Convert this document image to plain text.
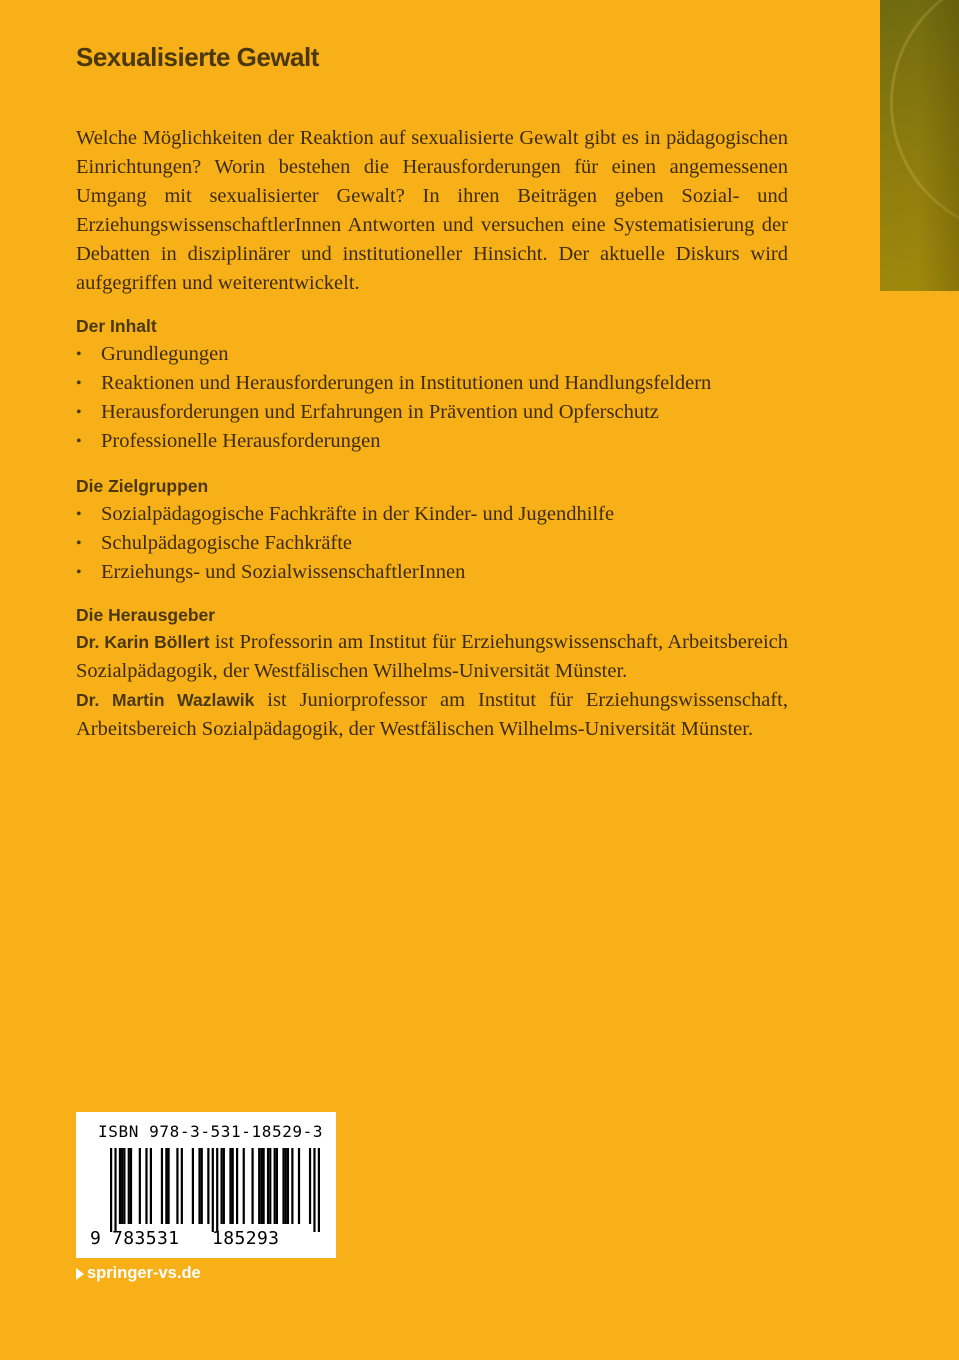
Sexualisierte Gewalt

Welche Möglichkeiten der Reaktion auf sexualisierte Gewalt gibt es in pädagogischen Einrichtungen? Worin bestehen die Herausforderungen für einen angemessenen Umgang mit sexualisierter Gewalt? In ihren Beiträgen geben Sozial- und ErziehungswissenschaftlerInnen Antworten und versuchen eine Systematisierung der Debatten in disziplinärer und institutioneller Hinsicht. Der aktuelle Diskurs wird aufgegriffen und weiterentwickelt.

Der Inhalt
• Grundlegungen
• Reaktionen und Herausforderungen in Institutionen und Handlungsfeldern
• Herausforderungen und Erfahrungen in Prävention und Opferschutz
• Professionelle Herausforderungen
Die Zielgruppen
• Sozialpädagogische Fachkräfte in der Kinder- und Jugendhilfe
• Schulpädagogische Fachkräfte
• Erziehungs- und SozialwissenschaftlerInnen
Die Herausgeber

Dr. Karin Böllert ist Professorin am Institut für Erziehungswissenschaft, Arbeitsbereich Sozialpädagogik, der Westfälischen Wilhelms-Universität Münster.

Dr. Martin Wazlawik ist Juniorprofessor am Institut für Erziehungswissenschaft, Arbeitsbereich Sozialpädagogik, der Westfälischen Wilhelms-Universität Münster.

ISBN 978-3-531-18529-3
9 783531 185293
springer-vs.de
